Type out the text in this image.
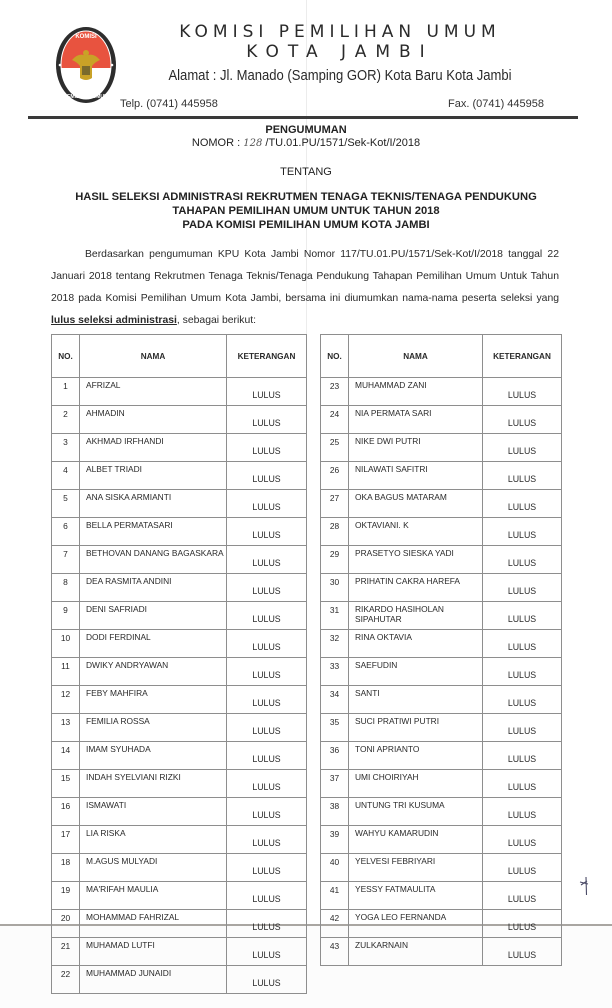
KOMISI
PEMILIHAN UMUM
KOMISI PEMILIHAN UMUM
KOTA JAMBI
Alamat : Jl. Manado (Samping GOR) Kota Baru Kota Jambi
Telp. (0741) 445958	Fax. (0741) 445958
PENGUMUMAN
NOMOR : 128 /TU.01.PU/1571/Sek-Kot/I/2018
TENTANG
HASIL SELEKSI ADMINISTRASI REKRUTMEN TENAGA TEKNIS/TENAGA PENDUKUNG
TAHAPAN PEMILIHAN UMUM UNTUK TAHUN 2018
PADA KOMISI PEMILIHAN UMUM KOTA JAMBI
Berdasarkan pengumuman KPU Kota Jambi Nomor 117/TU.01.PU/1571/Sek-Kot/I/2018 tanggal 22 Januari 2018 tentang Rekrutmen Tenaga Teknis/Tenaga Pendukung Tahapan Pemilihan Umum Untuk Tahun 2018 pada Komisi Pemilihan Umum Kota Jambi, bersama ini diumumkan nama-nama peserta seleksi yang lulus seleksi administrasi, sebagai berikut:
NO.	NAMA	KETERANGAN
1	AFRIZAL	LULUS
2	AHMADIN	LULUS
3	AKHMAD IRFHANDI	LULUS
4	ALBET TRIADI	LULUS
5	ANA SISKA ARMIANTI	LULUS
6	BELLA PERMATASARI	LULUS
7	BETHOVAN DANANG BAGASKARA	LULUS
8	DEA RASMITA ANDINI	LULUS
9	DENI SAFRIADI	LULUS
10	DODI FERDINAL	LULUS
11	DWIKY ANDRYAWAN	LULUS
12	FEBY MAHFIRA	LULUS
13	FEMILIA ROSSA	LULUS
14	IMAM SYUHADA	LULUS
15	INDAH SYELVIANI RIZKI	LULUS
16	ISMAWATI	LULUS
17	LIA RISKA	LULUS
18	M.AGUS MULYADI	LULUS
19	MA'RIFAH MAULIA	LULUS
20	MOHAMMAD FAHRIZAL	LULUS
21	MUHAMAD LUTFI	LULUS
22	MUHAMMAD JUNAIDI	LULUS
NO.	NAMA	KETERANGAN
23	MUHAMMAD ZANI	LULUS
24	NIA PERMATA SARI	LULUS
25	NIKE DWI PUTRI	LULUS
26	NILAWATI SAFITRI	LULUS
27	OKA BAGUS MATARAM	LULUS
28	OKTAVIANI. K	LULUS
29	PRASETYO SIESKA YADI	LULUS
30	PRIHATIN CAKRA HAREFA	LULUS
31	RIKARDO HASIHOLAN SIPAHUTAR	LULUS
32	RINA OKTAVIA	LULUS
33	SAEFUDIN	LULUS
34	SANTI	LULUS
35	SUCI PRATIWI PUTRI	LULUS
36	TONI APRIANTO	LULUS
37	UMI CHOIRIYAH	LULUS
38	UNTUNG TRI KUSUMA	LULUS
39	WAHYU KAMARUDIN	LULUS
40	YELVESI FEBRIYARI	LULUS
41	YESSY FATMAULITA	LULUS
42	YOGA LEO FERNANDA	LULUS
43	ZULKARNAIN	LULUS
